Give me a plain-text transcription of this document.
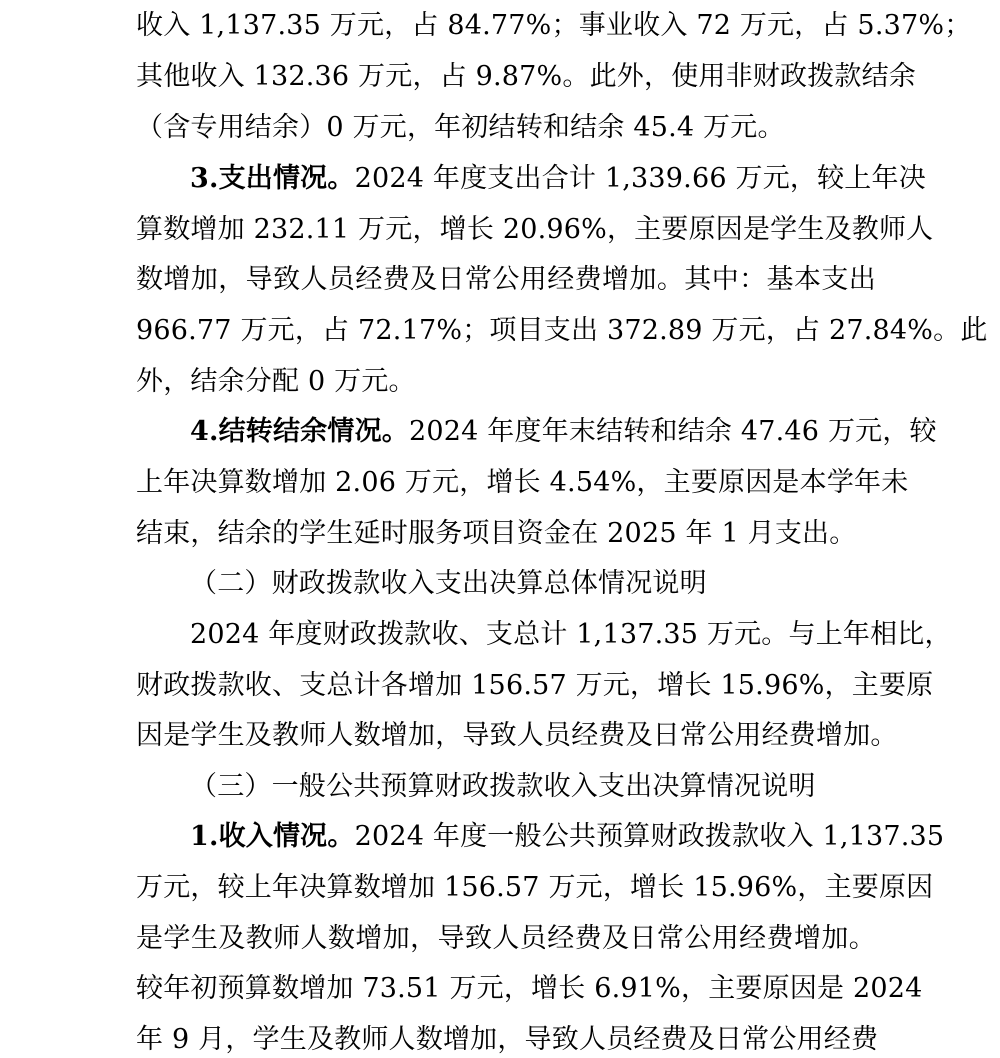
收入 1,137.35 万元，占 84.77%；事业收入 72 万元，占 5.37%；
其他收入 132.36 万元，占 9.87%。此外，使用非财政拨款结余
（含专用结余）0 万元，年初结转和结余 45.4 万元。
3.支出情况。2024 年度支出合计 1,339.66 万元，较上年决
算数增加 232.11 万元，增长 20.96%，主要原因是学生及教师人
数增加，导致人员经费及日常公用经费增加。其中：基本支出
966.77 万元，占 72.17%；项目支出 372.89 万元，占 27.84%。此
外，结余分配 0 万元。
4.结转结余情况。2024 年度年末结转和结余 47.46 万元，较
上年决算数增加 2.06 万元，增长 4.54%，主要原因是本学年未
结束，结余的学生延时服务项目资金在 2025 年 1 月支出。
（二）财政拨款收入支出决算总体情况说明
2024 年度财政拨款收、支总计 1,137.35 万元。与上年相比，
财政拨款收、支总计各增加 156.57 万元，增长 15.96%，主要原
因是学生及教师人数增加，导致人员经费及日常公用经费增加。
（三）一般公共预算财政拨款收入支出决算情况说明
1.收入情况。2024 年度一般公共预算财政拨款收入 1,137.35
万元，较上年决算数增加 156.57 万元，增长 15.96%，主要原因
是学生及教师人数增加，导致人员经费及日常公用经费增加。
较年初预算数增加 73.51 万元，增长 6.91%，主要原因是 2024
年 9 月，学生及教师人数增加，导致人员经费及日常公用经费
